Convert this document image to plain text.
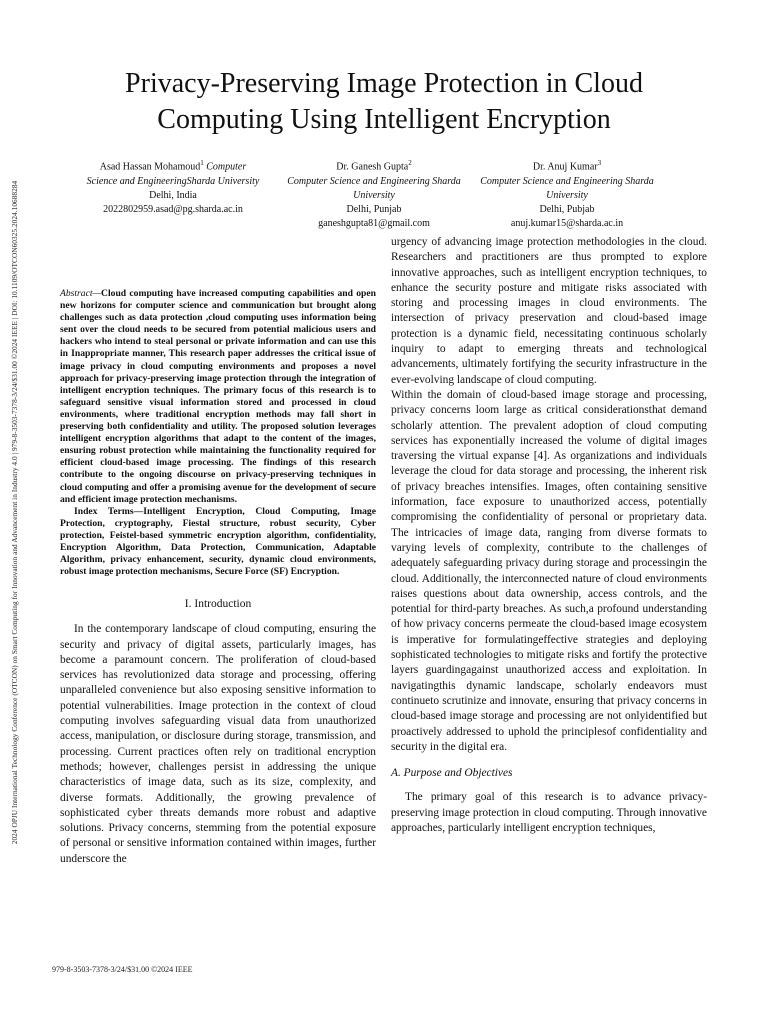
2024 OPJU International Technology Conference (OTCON) on Smart Computing for Innovation and Advancement in Industry 4.0 | 979-8-3503-7378-3/24/$31.00 ©2024 IEEE | DOI: 10.1109/OTCON60325.2024.10688284
Privacy-Preserving Image Protection in Cloud Computing Using Intelligent Encryption
Asad Hassan Mohamoud$^1$ Computer
Science and EngineeringSharda University
Delhi, India
2022802959.asad@pg.sharda.ac.in
Dr. Ganesh Gupta$^2$
Computer Science and Engineering Sharda University
Delhi, Punjab
ganeshgupta81@gmail.com
Dr. Anuj Kumar$^3$
Computer Science and Engineering Sharda University
Delhi, Pubjab
anuj.kumar15@sharda.ac.in

Abstract—Cloud computing have increased computing capabilities and open new horizons for computer science and communication but brought along challenges such as data protection ,cloud computing uses information being sent over the cloud needs to be secured from potential malicious users and hackers who intend to steal personal or private information and can use this in Inappropriate manner, This research paper addresses the critical issue of image privacy in cloud computing environments and proposes a novel approach for privacy-preserving image protection through the integration of intelligent encryption techniques. The primary focus of this research is to safeguard sensitive visual information stored and processed in cloud environments, where traditional encryption methods may fall short in preserving both confidentiality and utility. The proposed solution leverages intelligent encryption algorithms that adapt to the content of the images, ensuring robust protection while maintaining the functionality required for efficient cloud-based image processing. The findings of this research contribute to the ongoing discourse on privacy-preserving techniques in cloud computing and offer a promising avenue for the development of secure and efficient image protection mechanisms.

Index Terms—Intelligent Encryption, Cloud Computing, Image Protection, cryptography, Fiestal structure, robust security, Cyber protection, Feistel-based symmetric encryption algorithm, confidentiality, Encryption Algorithm, Data Protection, Communication, Adaptable Algorithm, privacy enhancement, security, dynamic cloud environments, robust image protection mechanisms, Secure Force (SF) Encryption.

I. Introduction

In the contemporary landscape of cloud computing, ensuring the security and privacy of digital assets, particularly images, has become a paramount concern. The proliferation of cloud-based services has revolutionized data storage and processing, offering unparalleled convenience but also exposing sensitive information to potential vulnerabilities. Image protection in the context of cloud computing involves safeguarding visual data from unauthorized access, manipulation, or disclosure during storage, transmission, and processing. Current practices often rely on traditional encryption methods; however, challenges persist in addressing the unique characteristics of image data, such as its size, complexity, and diverse formats. Additionally, the growing prevalence of sophisticated cyber threats demands more robust and adaptive solutions. Privacy concerns, stemming from the potential exposure of personal or sensitive information contained within images, further underscore the

urgency of advancing image protection methodologies in the cloud. Researchers and practitioners are thus prompted to explore innovative approaches, such as intelligent encryption techniques, to enhance the security posture and mitigate risks associated with storing and processing images in cloud environments. The intersection of privacy preservation and cloud-based image protection is a dynamic field, necessitating continuous scholarly inquiry to adapt to emerging threats and technological advancements, ultimately fortifying the security infrastructure in the ever-evolving landscape of cloud computing.

Within the domain of cloud-based image storage and processing, privacy concerns loom large as critical considerationsthat demand scholarly attention. The prevalent adoption of cloud computing services has exponentially increased the volume of digital images traversing the virtual expanse [4]. As organizations and individuals leverage the cloud for data storage and processing, the inherent risk of privacy breaches intensifies. Images, often containing sensitive information, face exposure to unauthorized access, potentially compromising the confidentiality of personal or proprietary data. The intricacies of image data, ranging from diverse formats to varying levels of complexity, contribute to the challenges of adequately safeguarding privacy during storage and processingin the cloud. Additionally, the interconnected nature of cloud environments raises questions about data ownership, access controls, and the potential for third-party breaches. As such,a profound understanding of how privacy concerns permeate the cloud-based image ecosystem is imperative for formulatingeffective strategies and deploying sophisticated technologies to mitigate risks and fortify the protective layers guardingagainst unauthorized access and exploitation. In navigatingthis dynamic landscape, scholarly endeavors must continueto scrutinize and innovate, ensuring that privacy concerns in cloud-based image storage and processing are not onlyidentified but proactively addressed to uphold the principlesof confidentiality and security in the digital era.

A. Purpose and Objectives

The primary goal of this research is to advance privacy-preserving image protection in cloud computing. Through innovative approaches, particularly intelligent encryption techniques,

979-8-3503-7378-3/24/$31.00 ©2024 IEEE
